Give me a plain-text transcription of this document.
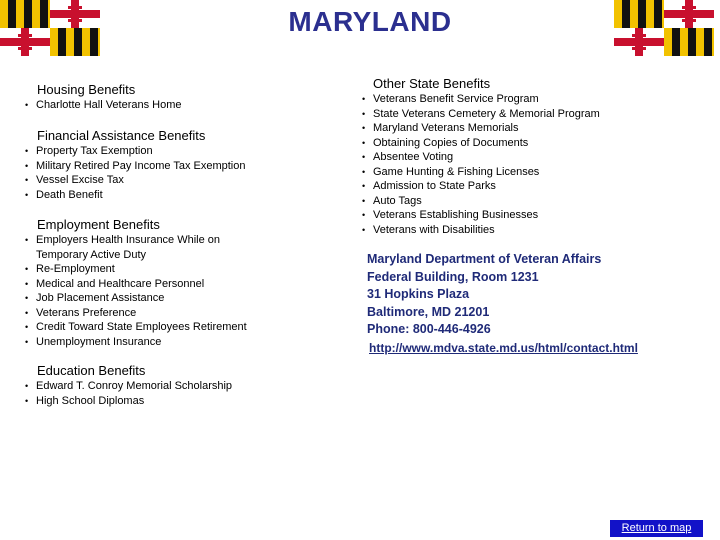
MARYLAND
Housing Benefits
• Charlotte Hall Veterans Home
Financial Assistance Benefits
• Property Tax Exemption
• Military Retired Pay Income Tax Exemption
• Vessel Excise Tax
• Death Benefit
Employment Benefits
• Employers Health Insurance While on Temporary Active Duty
• Re-Employment
• Medical and Healthcare Personnel
• Job Placement Assistance
• Veterans Preference
• Credit Toward State Employees Retirement
• Unemployment Insurance
Education Benefits
• Edward T. Conroy Memorial Scholarship
• High School Diplomas
Other State Benefits
• Veterans Benefit Service Program
• State Veterans Cemetery & Memorial Program
• Maryland Veterans Memorials
• Obtaining Copies of Documents
• Absentee Voting
• Game Hunting & Fishing Licenses
• Admission to State Parks
• Auto Tags
• Veterans Establishing Businesses
• Veterans with Disabilities
Maryland Department of Veteran Affairs
Federal Building, Room 1231
31 Hopkins Plaza
Baltimore, MD 21201
Phone: 800-446-4926
http://www.mdva.state.md.us/html/contact.html
Return to map
